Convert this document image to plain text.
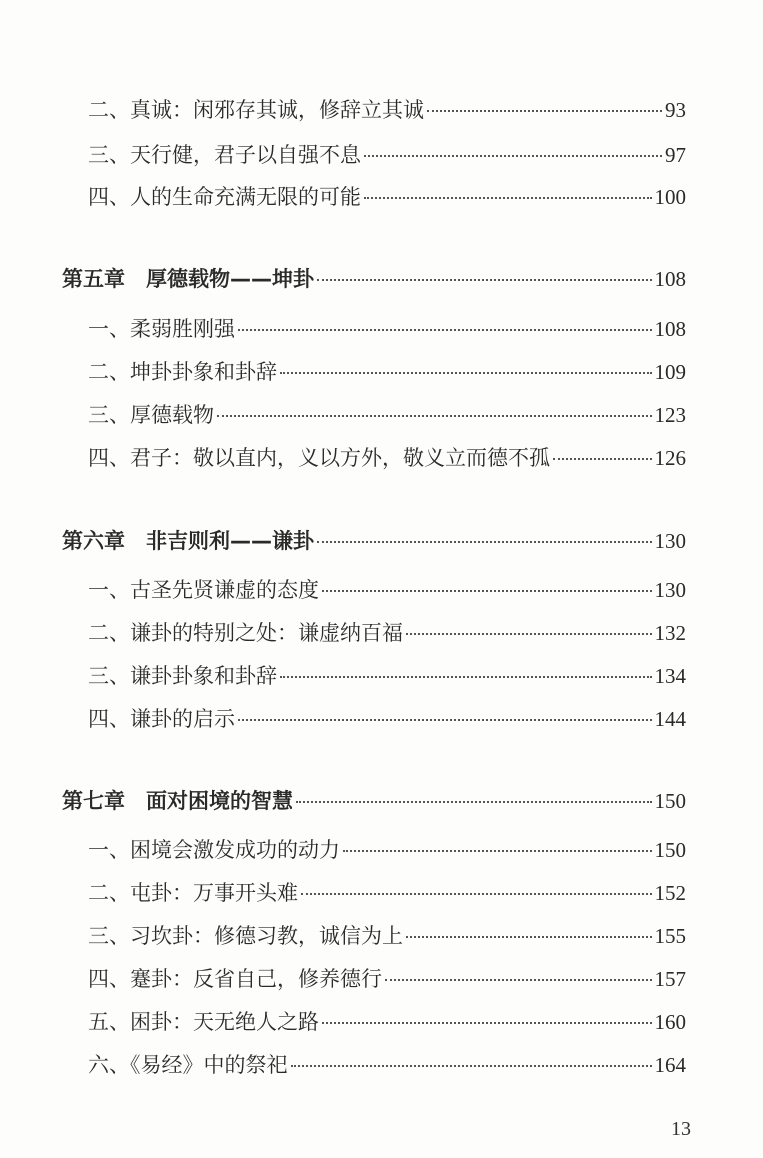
二、真诚：闲邪存其诚，修辞立其诚	93
三、天行健，君子以自强不息	97
四、人的生命充满无限的可能	100
第五章　厚德载物——坤卦	108
一、柔弱胜刚强	108
二、坤卦卦象和卦辞	109
三、厚德载物	123
四、君子：敬以直内，义以方外，敬义立而德不孤	126
第六章　非吉则利——谦卦	130
一、古圣先贤谦虚的态度	130
二、谦卦的特别之处：谦虚纳百福	132
三、谦卦卦象和卦辞	134
四、谦卦的启示	144
第七章　面对困境的智慧	150
一、困境会激发成功的动力	150
二、屯卦：万事开头难	152
三、习坎卦：修德习教，诚信为上	155
四、蹇卦：反省自己，修养德行	157
五、困卦：天无绝人之路	160
六、《易经》中的祭祀	164
13
